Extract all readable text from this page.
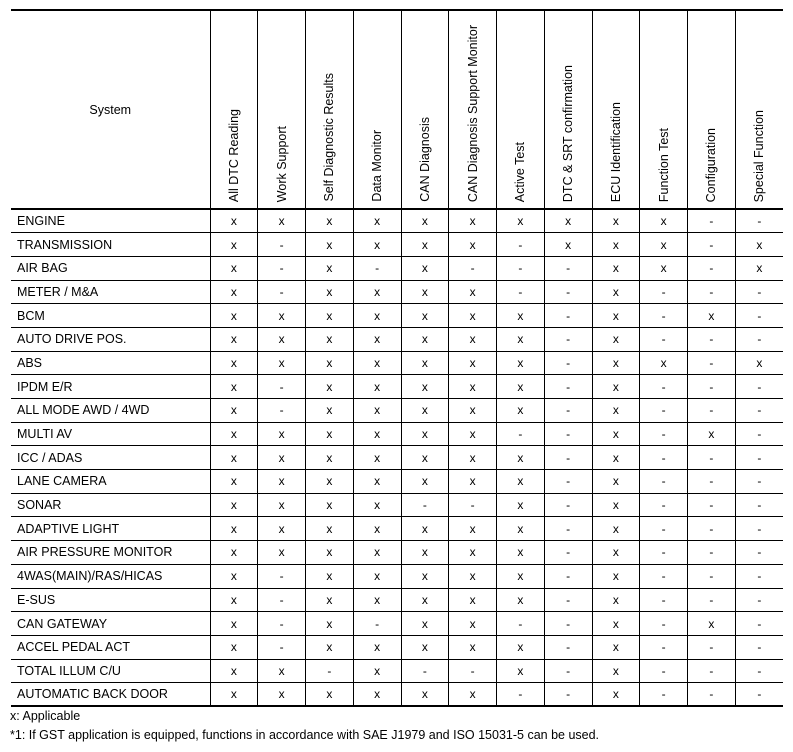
System	All DTC Reading	Work Support	Self Diagnostic Results	Data Monitor	CAN Diagnosis	CAN Diagnosis Support Monitor	Active Test	DTC & SRT confirmation	ECU Identification	Function Test	Configuration	Special Function

ENGINE	x	x	x	x	x	x	x	x	x	x	-	-
TRANSMISSION	x	-	x	x	x	x	-	x	x	x	-	x
AIR BAG	x	-	x	-	x	-	-	-	x	x	-	x
METER / M&A	x	-	x	x	x	x	-	-	x	-	-	-
BCM	x	x	x	x	x	x	x	-	x	-	x	-
AUTO DRIVE POS.	x	x	x	x	x	x	x	-	x	-	-	-
ABS	x	x	x	x	x	x	x	-	x	x	-	x
IPDM E/R	x	-	x	x	x	x	x	-	x	-	-	-
ALL MODE AWD / 4WD	x	-	x	x	x	x	x	-	x	-	-	-
MULTI AV	x	x	x	x	x	x	-	-	x	-	x	-
ICC / ADAS	x	x	x	x	x	x	x	-	x	-	-	-
LANE CAMERA	x	x	x	x	x	x	x	-	x	-	-	-
SONAR	x	x	x	x	-	-	x	-	x	-	-	-
ADAPTIVE LIGHT	x	x	x	x	x	x	x	-	x	-	-	-
AIR PRESSURE MONITOR	x	x	x	x	x	x	x	-	x	-	-	-
4WAS(MAIN)/RAS/HICAS	x	-	x	x	x	x	x	-	x	-	-	-
E-SUS	x	-	x	x	x	x	x	-	x	-	-	-
CAN GATEWAY	x	-	x	-	x	x	-	-	x	-	x	-
ACCEL PEDAL ACT	x	-	x	x	x	x	x	-	x	-	-	-
TOTAL ILLUM C/U	x	x	-	x	-	-	x	-	x	-	-	-
AUTOMATIC BACK DOOR	x	x	x	x	x	x	-	-	x	-	-	-
x: Applicable
*1: If GST application is equipped, functions in accordance with SAE J1979 and ISO 15031-5 can be used.
